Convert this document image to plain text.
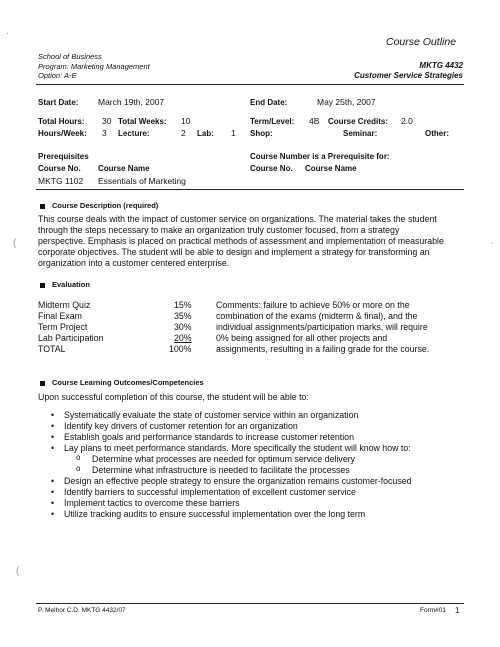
·
(
(
·
Course Outline
School of Business
Program: Marketing Management
Option: A-E
MKTG 4432
Customer Service Strategies
Start Date: March 19th, 2007	End Date:	May 25th, 2007
Total Hours: 30 Total Weeks: 10	Term/Level: 4B Course Credits: 2.0
Hours/Week: 3 Lecture:	2 Lab: 1 Shop:	Seminar:	Other:
Prerequisites
Course No. Course Name
MKTG 1102 Essentials of Marketing
Course Number is a Prerequisite for:
Course No. Course Name
Course Description (required)
This course deals with the impact of customer service on organizations. The material takes the student
through the steps necessary to make an organization truly customer focused, from a strategy
perspective. Emphasis is placed on practical methods of assessment and implementation of measurable
corporate objectives. The student will be able to design and implement a strategy for transforming an
organization into a customer centered enterprise.
Evaluation
Midterm Quiz	15%
Final Exam	35%
Term Project	30%
Lab Participation	20%
TOTAL	100%
Comments: failure to achieve 50% or more on the
combination of the exams (midterm & final), and the
individual assignments/participation marks, will require
0% being assigned for all other projects and
assignments, resulting in a failing grade for the course.
Course Learning Outcomes/Competencies
Upon successful completion of this course, the student will be able to:
• Systematically evaluate the state of customer service within an organization
• Identify key drivers of customer retention for an organization
• Establish goals and performance standards to increase customer retention
• Lay plans to meet performance standards. More specifically the student will know how to:
o Determine what processes are needed for optimum service delivery
o Determine what infrastructure is needed to facilitate the processes
• Design an effective people strategy to ensure the organization remains customer-focused
• Identify barriers to successful implementation of excellent customer service
• Implement tactics to overcome these barriers
• Utilize tracking audits to ensure successful implementation over the long term
P. Melhor C.D. MKTG 4432/07	Form#01 1
